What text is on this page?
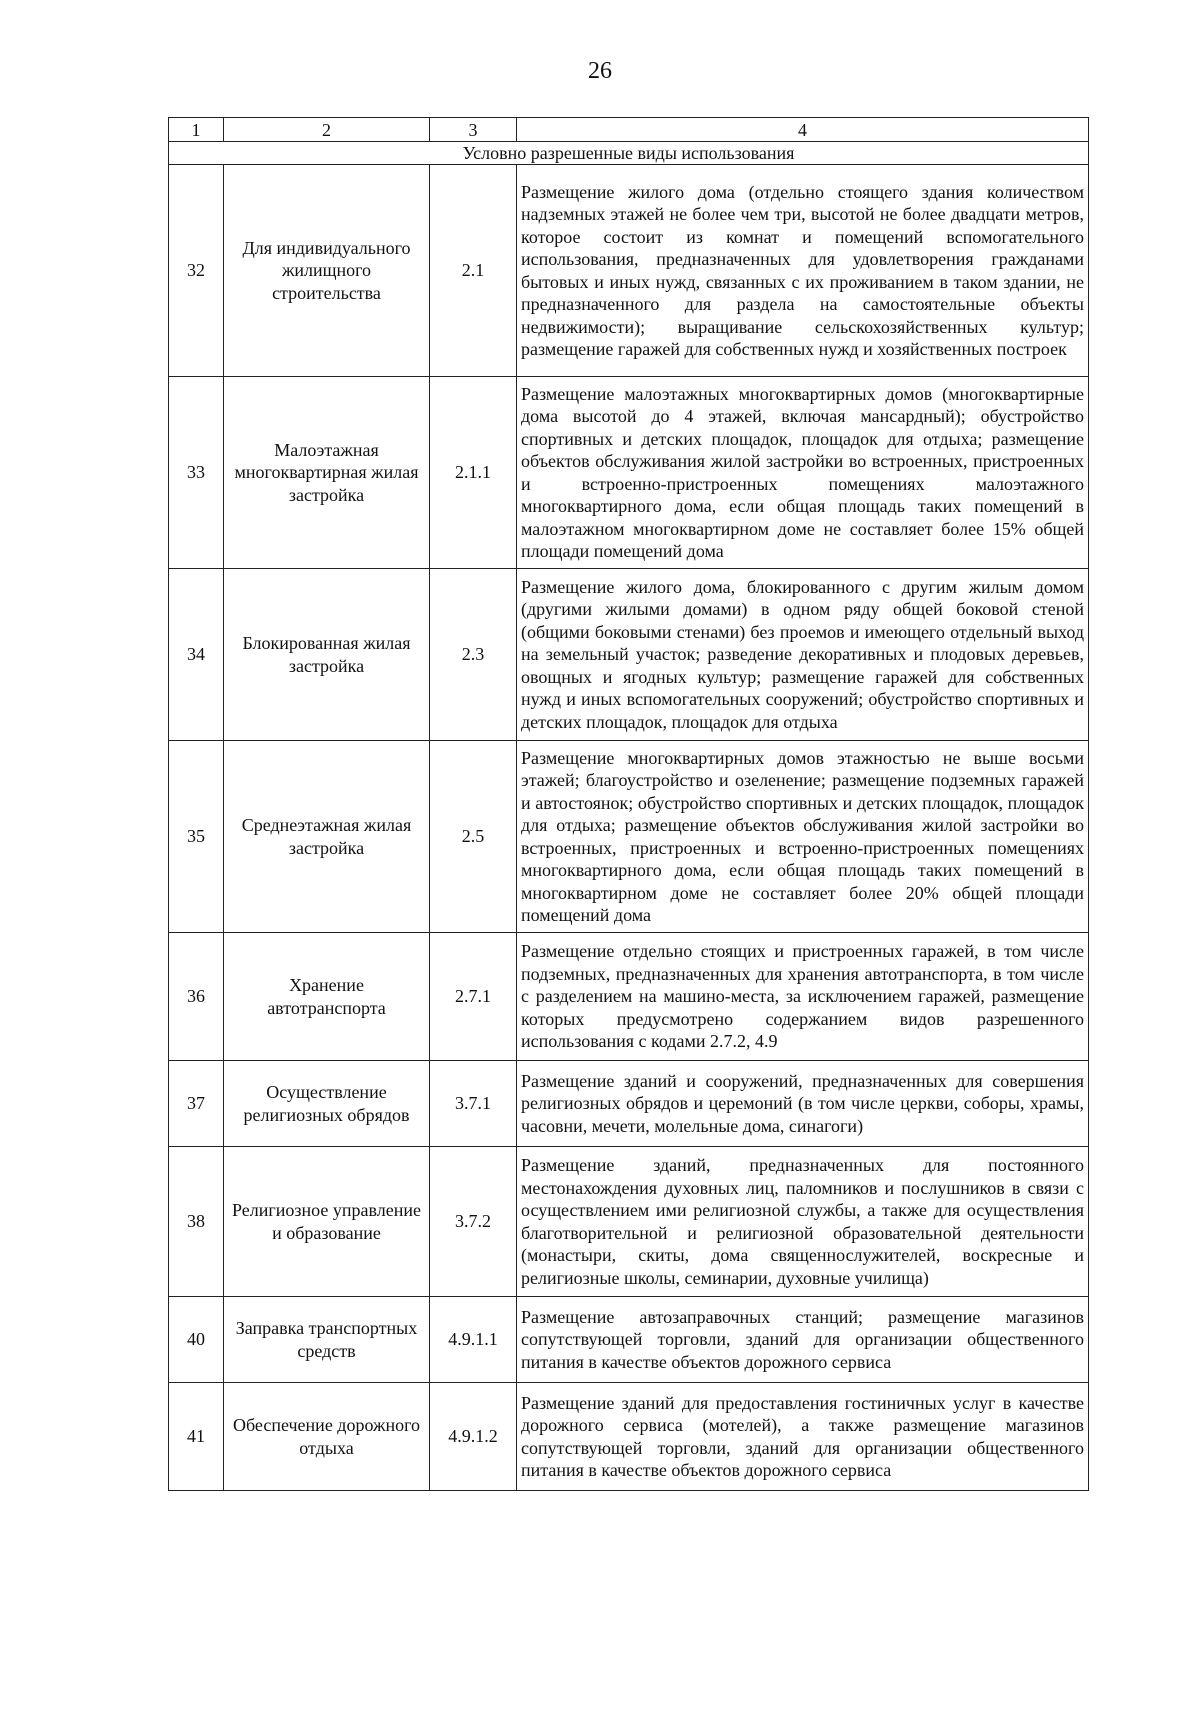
26
1	2	3	4
Условно разрешенные виды использования			
32	Для индивидуального жилищного строительства	2.1	Размещение жилого дома (отдельно стоящего здания количеством надземных этажей не более чем три, высотой не более двадцати метров, которое состоит из комнат и помещений вспомогательного использования, предназначенных для удовлетворения гражданами бытовых и иных нужд, связанных с их проживанием в таком здании, не предназначенного для раздела на самостоятельные объекты недвижимости); выращивание сельскохозяйственных культур; размещение гаражей для собственных нужд и хозяйственных построек
33	Малоэтажная многоквартирная жилая застройка	2.1.1	Размещение малоэтажных многоквартирных домов (многоквартирные дома высотой до 4 этажей, включая мансардный); обустройство спортивных и детских площадок, площадок для отдыха; размещение объектов обслуживания жилой застройки во встроенных, пристроенных и встроенно-пристроенных помещениях малоэтажного многоквартирного дома, если общая площадь таких помещений в малоэтажном многоквартирном доме не составляет более 15% общей площади помещений дома
34	Блокированная жилая застройка	2.3	Размещение жилого дома, блокированного с другим жилым домом (другими жилыми домами) в одном ряду общей боковой стеной (общими боковыми стенами) без проемов и имеющего отдельный выход на земельный участок; разведение декоративных и плодовых деревьев, овощных и ягодных культур; размещение гаражей для собственных нужд и иных вспомогательных сооружений; обустройство спортивных и детских площадок, площадок для отдыха
35	Среднеэтажная жилая застройка	2.5	Размещение многоквартирных домов этажностью не выше восьми этажей; благоустройство и озеленение; размещение подземных гаражей и автостоянок; обустройство спортивных и детских площадок, площадок для отдыха; размещение объектов обслуживания жилой застройки во встроенных, пристроенных и встроенно-пристроенных помещениях многоквартирного дома, если общая площадь таких помещений в многоквартирном доме не составляет более 20% общей площади помещений дома
36	Хранение автотранспорта	2.7.1	Размещение отдельно стоящих и пристроенных гаражей, в том числе подземных, предназначенных для хранения автотранспорта, в том числе с разделением на машино-места, за исключением гаражей, размещение которых предусмотрено содержанием видов разрешенного использования с кодами 2.7.2, 4.9
37	Осуществление религиозных обрядов	3.7.1	Размещение зданий и сооружений, предназначенных для совершения религиозных обрядов и церемоний (в том числе церкви, соборы, храмы, часовни, мечети, молельные дома, синагоги)
38	Религиозное управление и образование	3.7.2	Размещение зданий, предназначенных для постоянного местонахождения духовных лиц, паломников и послушников в связи с осуществлением ими религиозной службы, а также для осуществления благотворительной и религиозной образовательной деятельности (монастыри, скиты, дома священнослужителей, воскресные и религиозные школы, семинарии, духовные училища)
40	Заправка транспортных средств	4.9.1.1	Размещение автозаправочных станций; размещение магазинов сопутствующей торговли, зданий для организации общественного питания в качестве объектов дорожного сервиса
41	Обеспечение дорожного отдыха	4.9.1.2	Размещение зданий для предоставления гостиничных услуг в качестве дорожного сервиса (мотелей), а также размещение магазинов сопутствующей торговли, зданий для организации общественного питания в качестве объектов дорожного сервиса
